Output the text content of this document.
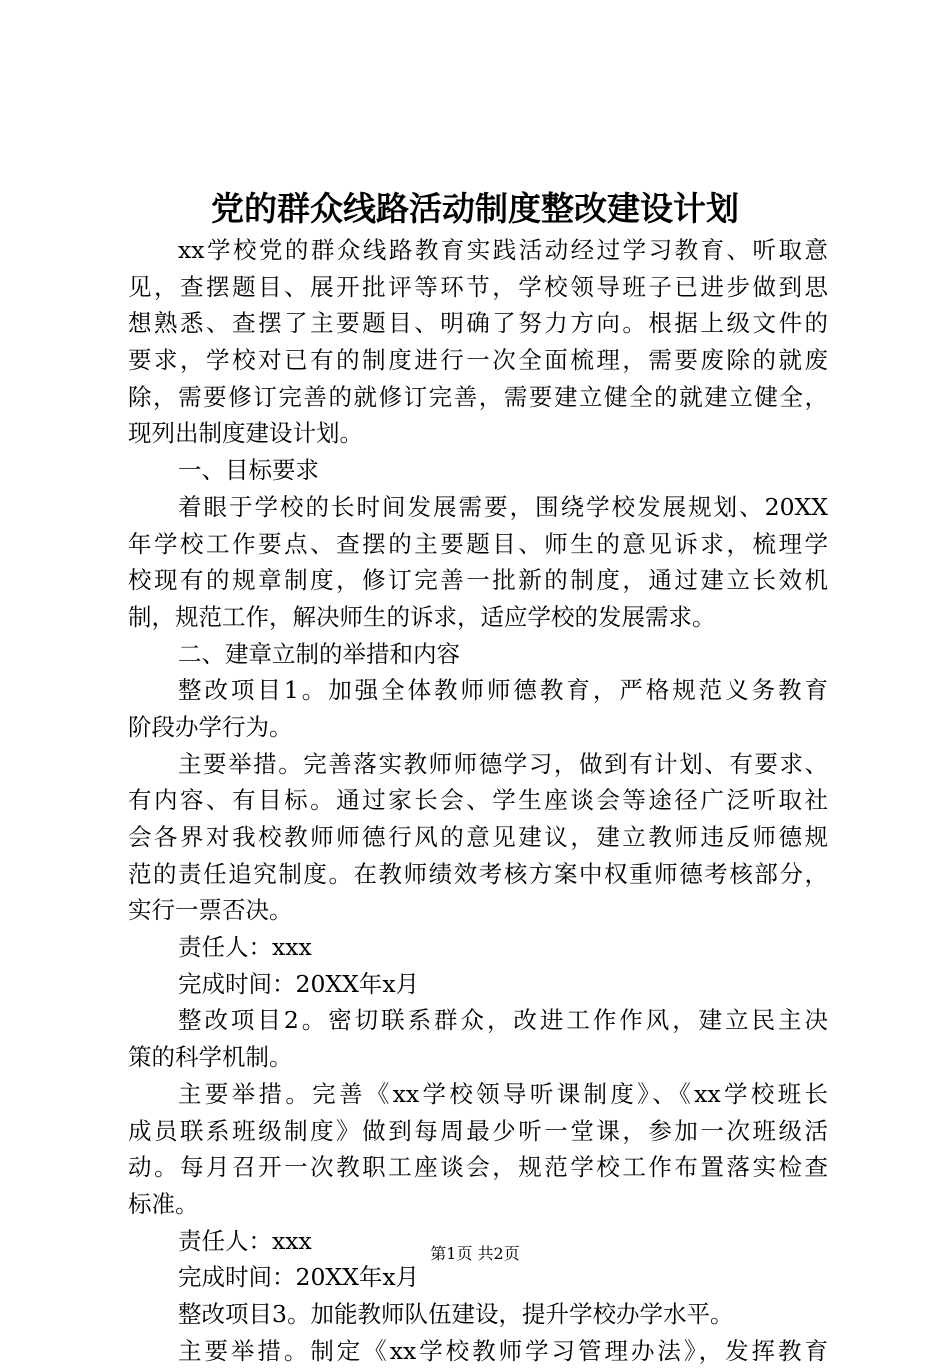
党的群众线路活动制度整改建设计划
xx学校党的群众线路教育实践活动经过学习教育、听取意
见，查摆题目、展开批评等环节，学校领导班子已进步做到思
想熟悉、查摆了主要题目、明确了努力方向。根据上级文件的
要求，学校对已有的制度进行一次全面梳理，需要废除的就废
除，需要修订完善的就修订完善，需要建立健全的就建立健全，
现列出制度建设计划。
一、目标要求
着眼于学校的长时间发展需要，围绕学校发展规划、20XX
年学校工作要点、查摆的主要题目、师生的意见诉求，梳理学
校现有的规章制度，修订完善一批新的制度，通过建立长效机
制，规范工作，解决师生的诉求，适应学校的发展需求。
二、建章立制的举措和内容
整改项目1。加强全体教师师德教育，严格规范义务教育
阶段办学行为。
主要举措。完善落实教师师德学习，做到有计划、有要求、
有内容、有目标。通过家长会、学生座谈会等途径广泛听取社
会各界对我校教师师德行风的意见建议，建立教师违反师德规
范的责任追究制度。在教师绩效考核方案中权重师德考核部分，
实行一票否决。
责任人：xxx
完成时间：20XX年x月
整改项目2。密切联系群众，改进工作作风，建立民主决
策的科学机制。
主要举措。完善《xx学校领导听课制度》、《xx学校班长
成员联系班级制度》做到每周最少听一堂课，参加一次班级活
动。每月召开一次教职工座谈会，规范学校工作布置落实检查
标准。
责任人：xxx
完成时间：20XX年x月
整改项目3。加能教师队伍建设，提升学校办学水平。
主要举措。制定《xx学校教师学习管理办法》，发挥教育
第1页 共2页
